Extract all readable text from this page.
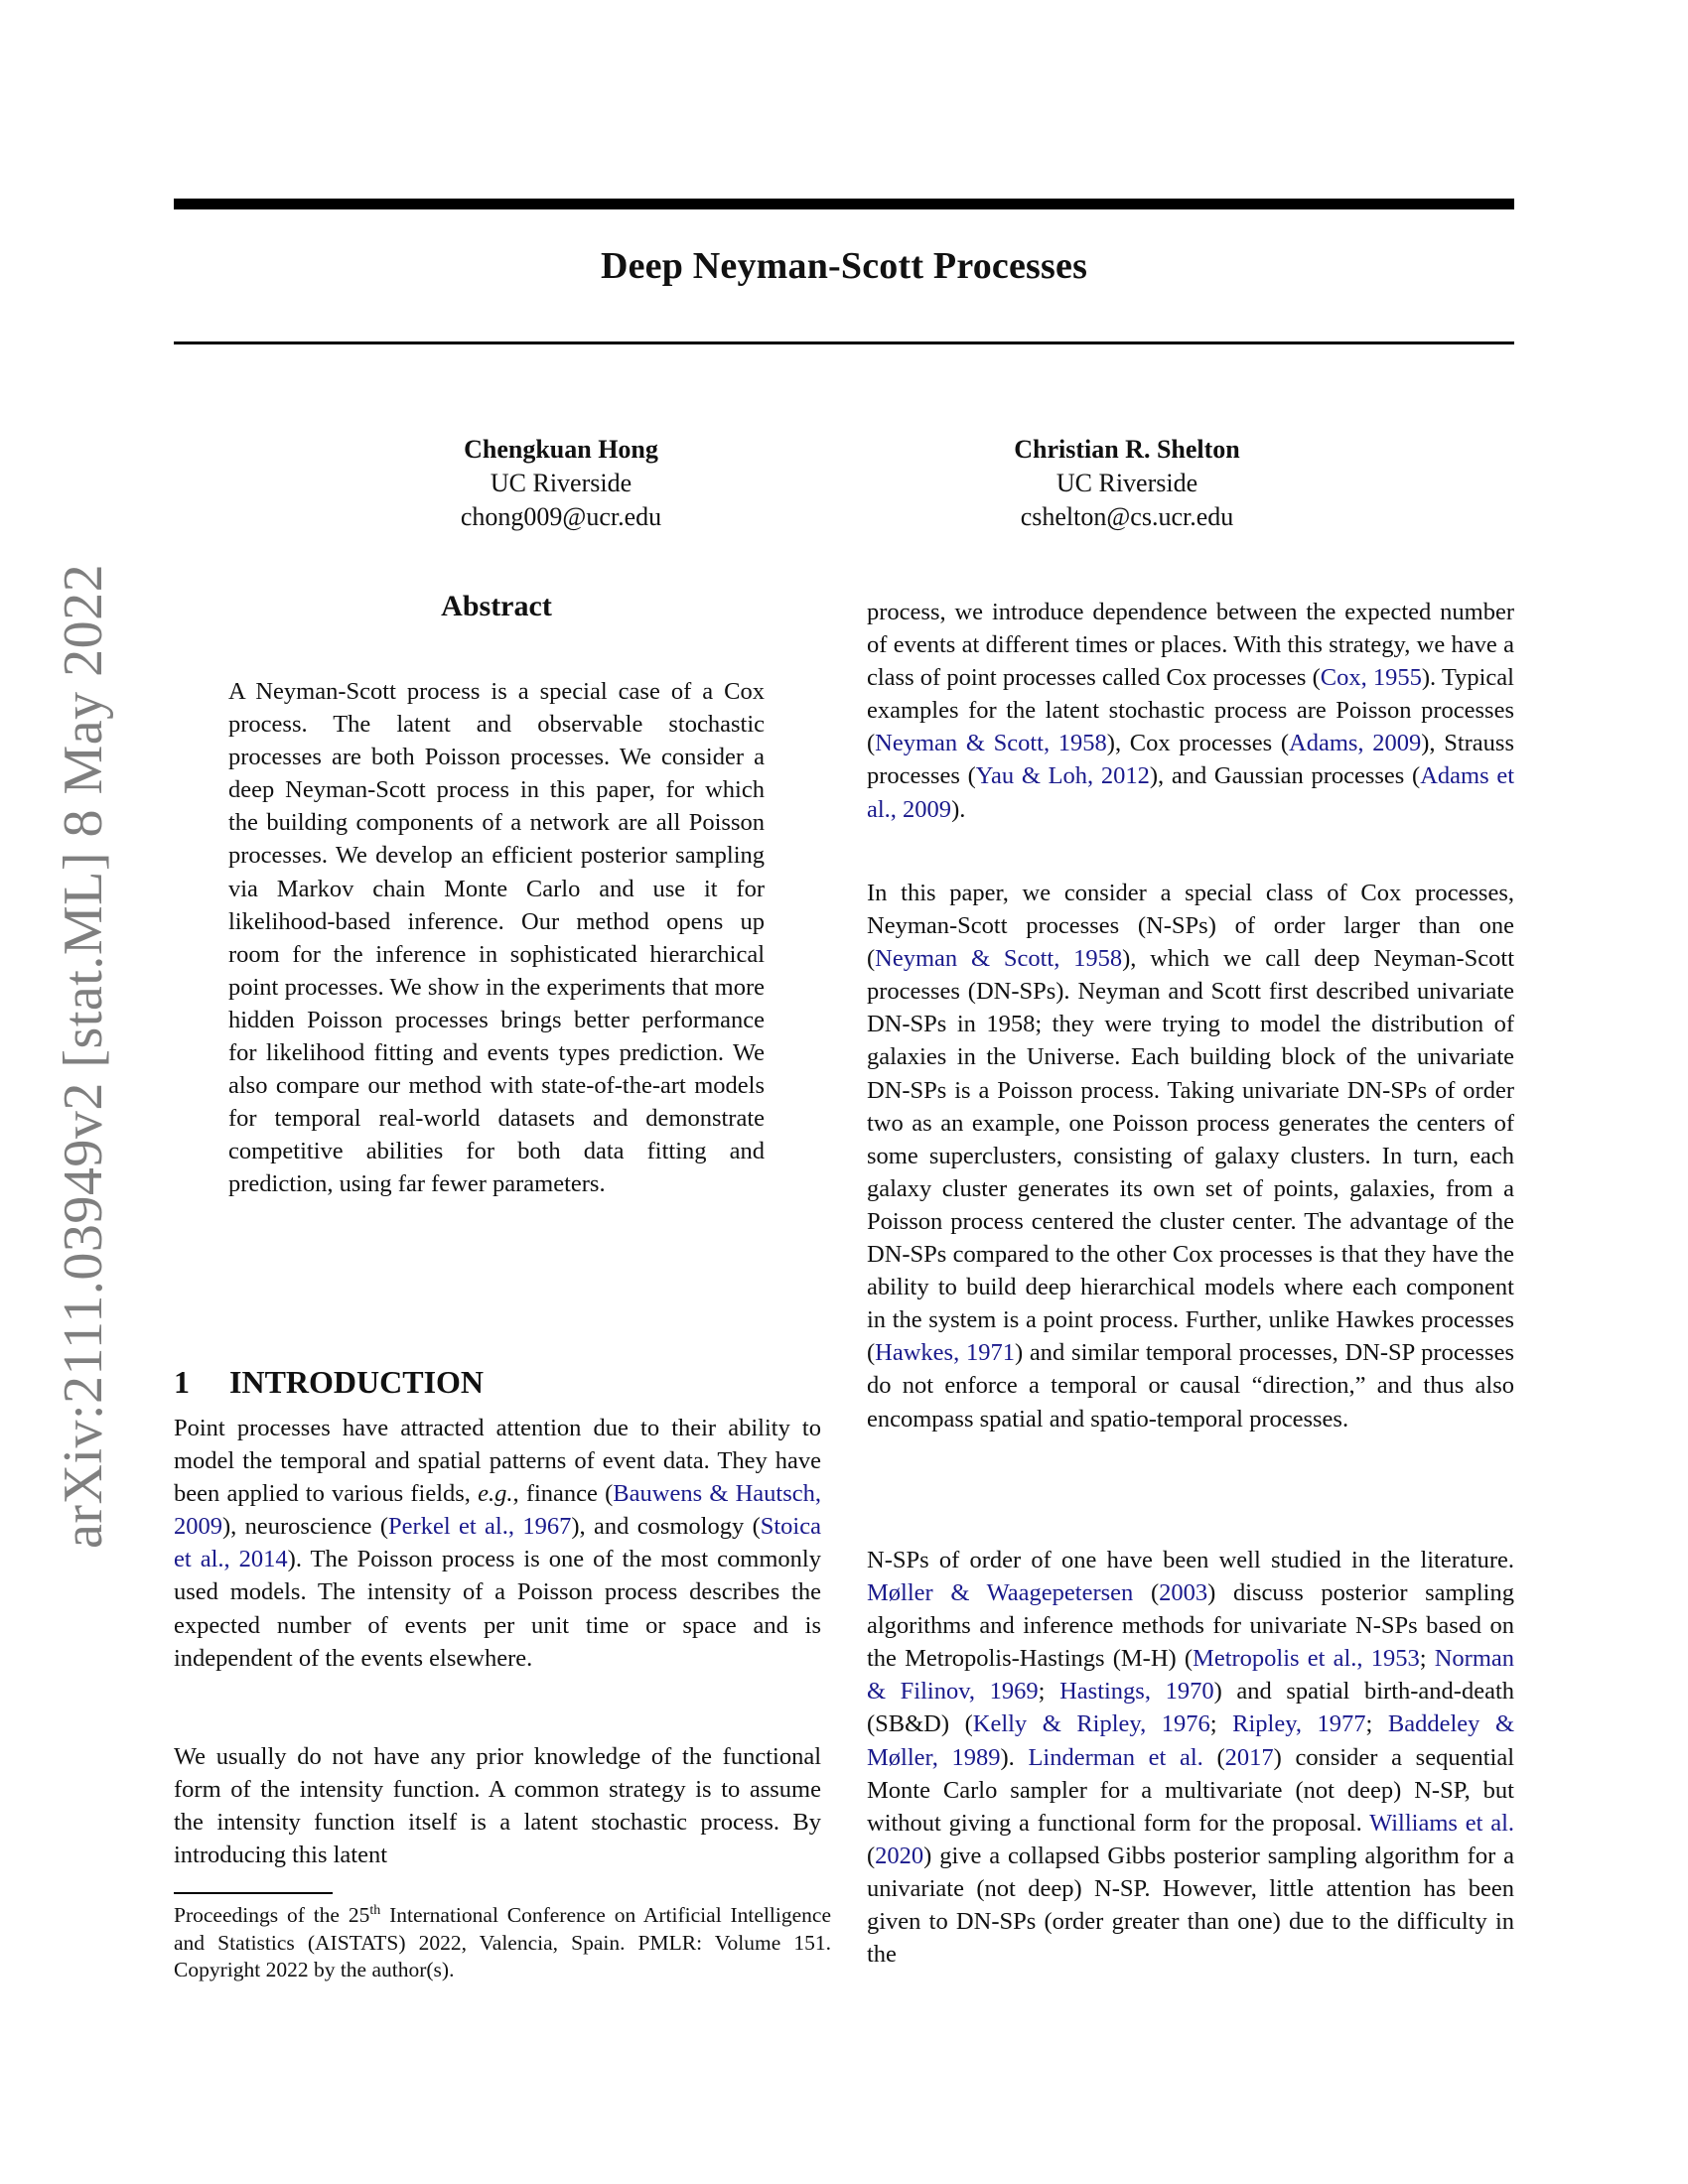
arXiv:2111.03949v2 [stat.ML] 8 May 2022
Deep Neyman-Scott Processes
Chengkuan Hong
UC Riverside
chong009@ucr.edu
Christian R. Shelton
UC Riverside
cshelton@cs.ucr.edu
Abstract

A Neyman-Scott process is a special case of a Cox process. The latent and observable stochastic processes are both Poisson processes. We consider a deep Neyman-Scott process in this paper, for which the building components of a network are all Poisson processes. We develop an efficient posterior sampling via Markov chain Monte Carlo and use it for likelihood-based inference. Our method opens up room for the inference in sophisticated hierarchical point processes. We show in the experiments that more hidden Poisson processes brings better performance for likelihood fitting and events types prediction. We also compare our method with state-of-the-art models for temporal real-world datasets and demonstrate competitive abilities for both data fitting and prediction, using far fewer parameters.

1 INTRODUCTION

Point processes have attracted attention due to their ability to model the temporal and spatial patterns of event data. They have been applied to various fields, e.g., finance (Bauwens & Hautsch, 2009), neuroscience (Perkel et al., 1967), and cosmology (Stoica et al., 2014). The Poisson process is one of the most commonly used models. The intensity of a Poisson process describes the expected number of events per unit time or space and is independent of the events elsewhere.

We usually do not have any prior knowledge of the functional form of the intensity function. A common strategy is to assume the intensity function itself is a latent stochastic process. By introducing this latent

Proceedings of the 25th International Conference on Artificial Intelligence and Statistics (AISTATS) 2022, Valencia, Spain. PMLR: Volume 151. Copyright 2022 by the author(s).

process, we introduce dependence between the expected number of events at different times or places. With this strategy, we have a class of point processes called Cox processes (Cox, 1955). Typical examples for the latent stochastic process are Poisson processes (Neyman & Scott, 1958), Cox processes (Adams, 2009), Strauss processes (Yau & Loh, 2012), and Gaussian processes (Adams et al., 2009).

In this paper, we consider a special class of Cox processes, Neyman-Scott processes (N-SPs) of order larger than one (Neyman & Scott, 1958), which we call deep Neyman-Scott processes (DN-SPs). Neyman and Scott first described univariate DN-SPs in 1958; they were trying to model the distribution of galaxies in the Universe. Each building block of the univariate DN-SPs is a Poisson process. Taking univariate DN-SPs of order two as an example, one Poisson process generates the centers of some superclusters, consisting of galaxy clusters. In turn, each galaxy cluster generates its own set of points, galaxies, from a Poisson process centered the cluster center. The advantage of the DN-SPs compared to the other Cox processes is that they have the ability to build deep hierarchical models where each component in the system is a point process. Further, unlike Hawkes processes (Hawkes, 1971) and similar temporal processes, DN-SP processes do not enforce a temporal or causal “direction,” and thus also encompass spatial and spatio-temporal processes.

N-SPs of order of one have been well studied in the literature. Møller & Waagepetersen (2003) discuss posterior sampling algorithms and inference methods for univariate N-SPs based on the Metropolis-Hastings (M-H) (Metropolis et al., 1953; Norman & Filinov, 1969; Hastings, 1970) and spatial birth-and-death (SB&D) (Kelly & Ripley, 1976; Ripley, 1977; Baddeley & Møller, 1989). Linderman et al. (2017) consider a sequential Monte Carlo sampler for a multivariate (not deep) N-SP, but without giving a functional form for the proposal. Williams et al. (2020) give a collapsed Gibbs posterior sampling algorithm for a univariate (not deep) N-SP. However, little attention has been given to DN-SPs (order greater than one) due to the difficulty in the
